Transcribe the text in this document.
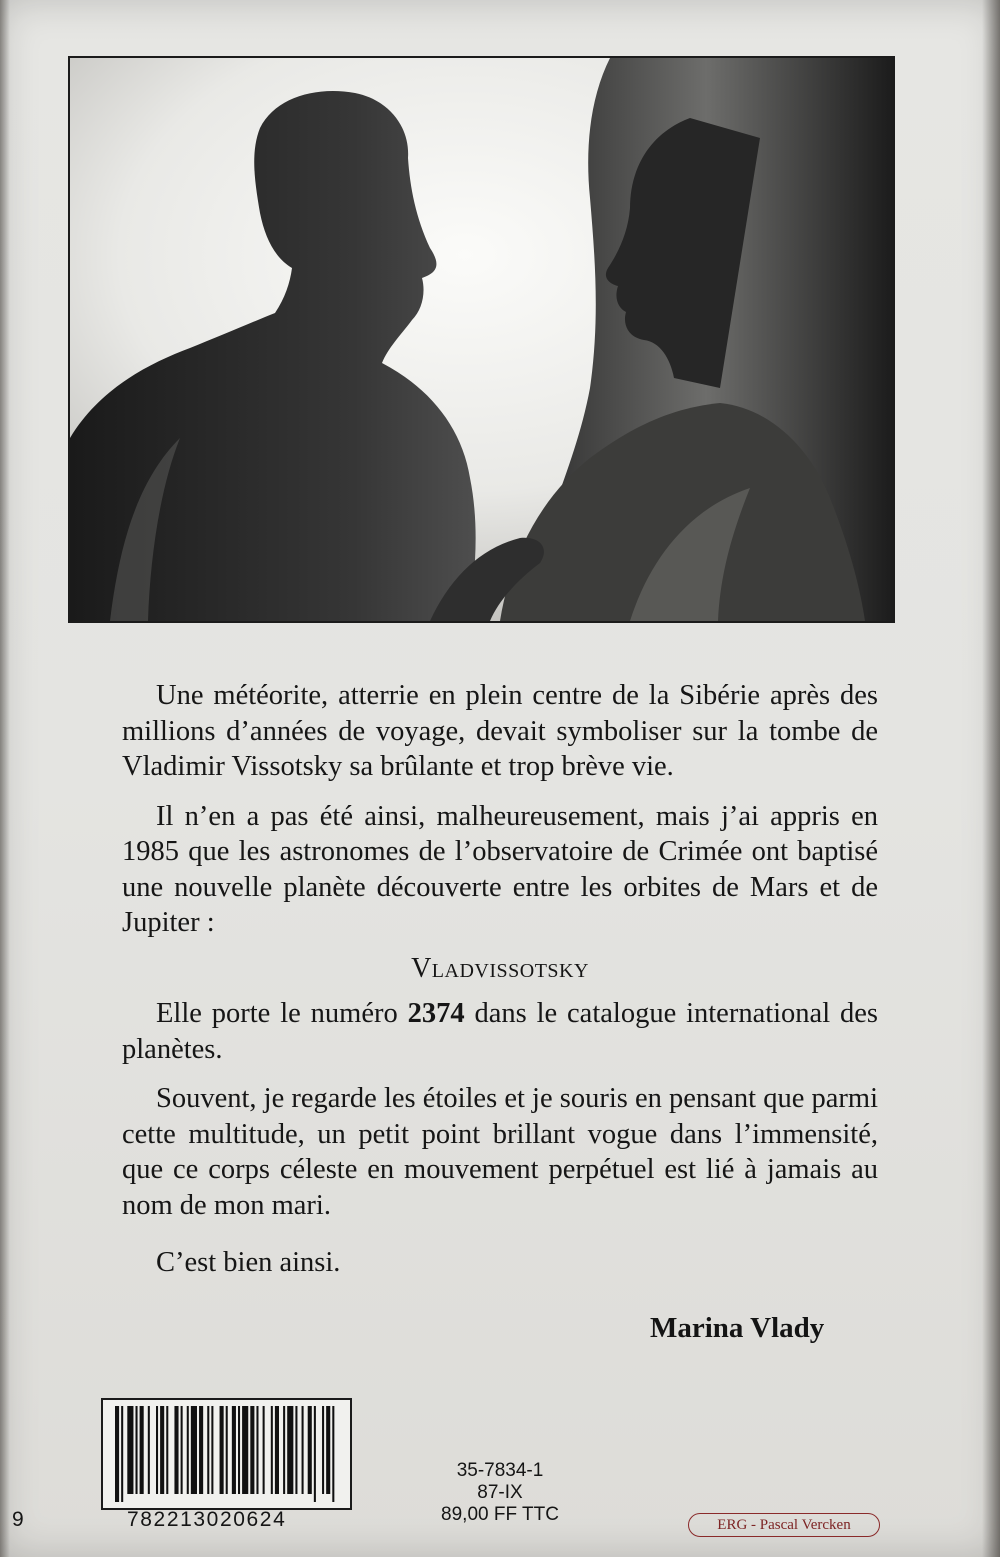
Une météorite, atterrie en plein centre de la Sibérie après des millions d’années de voyage, devait symboliser sur la tombe de Vladimir Vissotsky sa brûlante et trop brève vie.

Il n’en a pas été ainsi, malheureusement, mais j’ai appris en 1985 que les astronomes de l’observatoire de Crimée ont baptisé une nouvelle planète découverte entre les orbites de Mars et de Jupiter :

Vladvissotsky

Elle porte le numéro 2374 dans le catalogue international des planètes.

Souvent, je regarde les étoiles et je souris en pensant que parmi cette multitude, un petit point brillant vogue dans l’immensité, que ce corps céleste en mouvement perpétuel est lié à jamais au nom de mon mari.

C’est bien ainsi.

Marina Vlady
9	782213020624
35-7834-1
87-IX
89,00 FF TTC	ERG - Pascal Vercken
